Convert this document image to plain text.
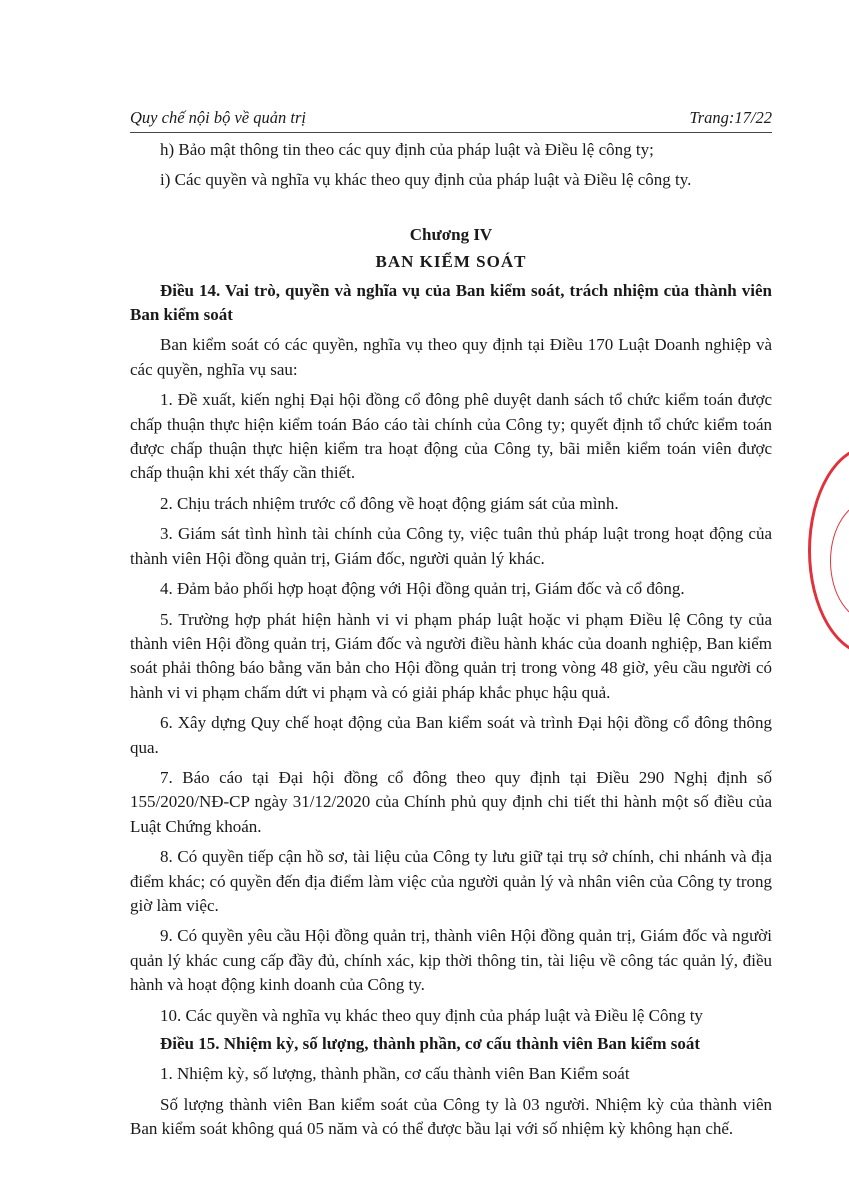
Quy chế nội bộ về quản trị	Trang:17/22

h) Bảo mật thông tin theo các quy định của pháp luật và Điều lệ công ty;

i) Các quyền và nghĩa vụ khác theo quy định của pháp luật và Điều lệ công ty.

Chương IV

BAN KIỂM SOÁT

Điều 14. Vai trò, quyền và nghĩa vụ của Ban kiểm soát, trách nhiệm của thành viên Ban kiểm soát

Ban kiểm soát có các quyền, nghĩa vụ theo quy định tại Điều 170 Luật Doanh nghiệp và các quyền, nghĩa vụ sau:

1. Đề xuất, kiến nghị Đại hội đồng cổ đông phê duyệt danh sách tổ chức kiểm toán được chấp thuận thực hiện kiểm toán Báo cáo tài chính của Công ty; quyết định tổ chức kiểm toán được chấp thuận thực hiện kiểm tra hoạt động của Công ty, bãi miễn kiểm toán viên được chấp thuận khi xét thấy cần thiết.

2. Chịu trách nhiệm trước cổ đông về hoạt động giám sát của mình.

3. Giám sát tình hình tài chính của Công ty, việc tuân thủ pháp luật trong hoạt động của thành viên Hội đồng quản trị, Giám đốc, người quản lý khác.

4. Đảm bảo phối hợp hoạt động với Hội đồng quản trị, Giám đốc và cổ đông.

5. Trường hợp phát hiện hành vi vi phạm pháp luật hoặc vi phạm Điều lệ Công ty của thành viên Hội đồng quản trị, Giám đốc và người điều hành khác của doanh nghiệp, Ban kiểm soát phải thông báo bằng văn bản cho Hội đồng quản trị trong vòng 48 giờ, yêu cầu người có hành vi vi phạm chấm dứt vi phạm và có giải pháp khắc phục hậu quả.

6. Xây dựng Quy chế hoạt động của Ban kiểm soát và trình Đại hội đồng cổ đông thông qua.

7. Báo cáo tại Đại hội đồng cổ đông theo quy định tại Điều 290 Nghị định số 155/2020/NĐ-CP ngày 31/12/2020 của Chính phủ quy định chi tiết thi hành một số điều của Luật Chứng khoán.

8. Có quyền tiếp cận hồ sơ, tài liệu của Công ty lưu giữ tại trụ sở chính, chi nhánh và địa điểm khác; có quyền đến địa điểm làm việc của người quản lý và nhân viên của Công ty trong giờ làm việc.

9. Có quyền yêu cầu Hội đồng quản trị, thành viên Hội đồng quản trị, Giám đốc và người quản lý khác cung cấp đầy đủ, chính xác, kịp thời thông tin, tài liệu về công tác quản lý, điều hành và hoạt động kinh doanh của Công ty.

10. Các quyền và nghĩa vụ khác theo quy định của pháp luật và Điều lệ Công ty

Điều 15. Nhiệm kỳ, số lượng, thành phần, cơ cấu thành viên Ban kiểm soát

1. Nhiệm kỳ, số lượng, thành phần, cơ cấu thành viên Ban Kiểm soát

Số lượng thành viên Ban kiểm soát của Công ty là 03 người. Nhiệm kỳ của thành viên Ban kiểm soát không quá 05 năm và có thể được bầu lại với số nhiệm kỳ không hạn chế.
